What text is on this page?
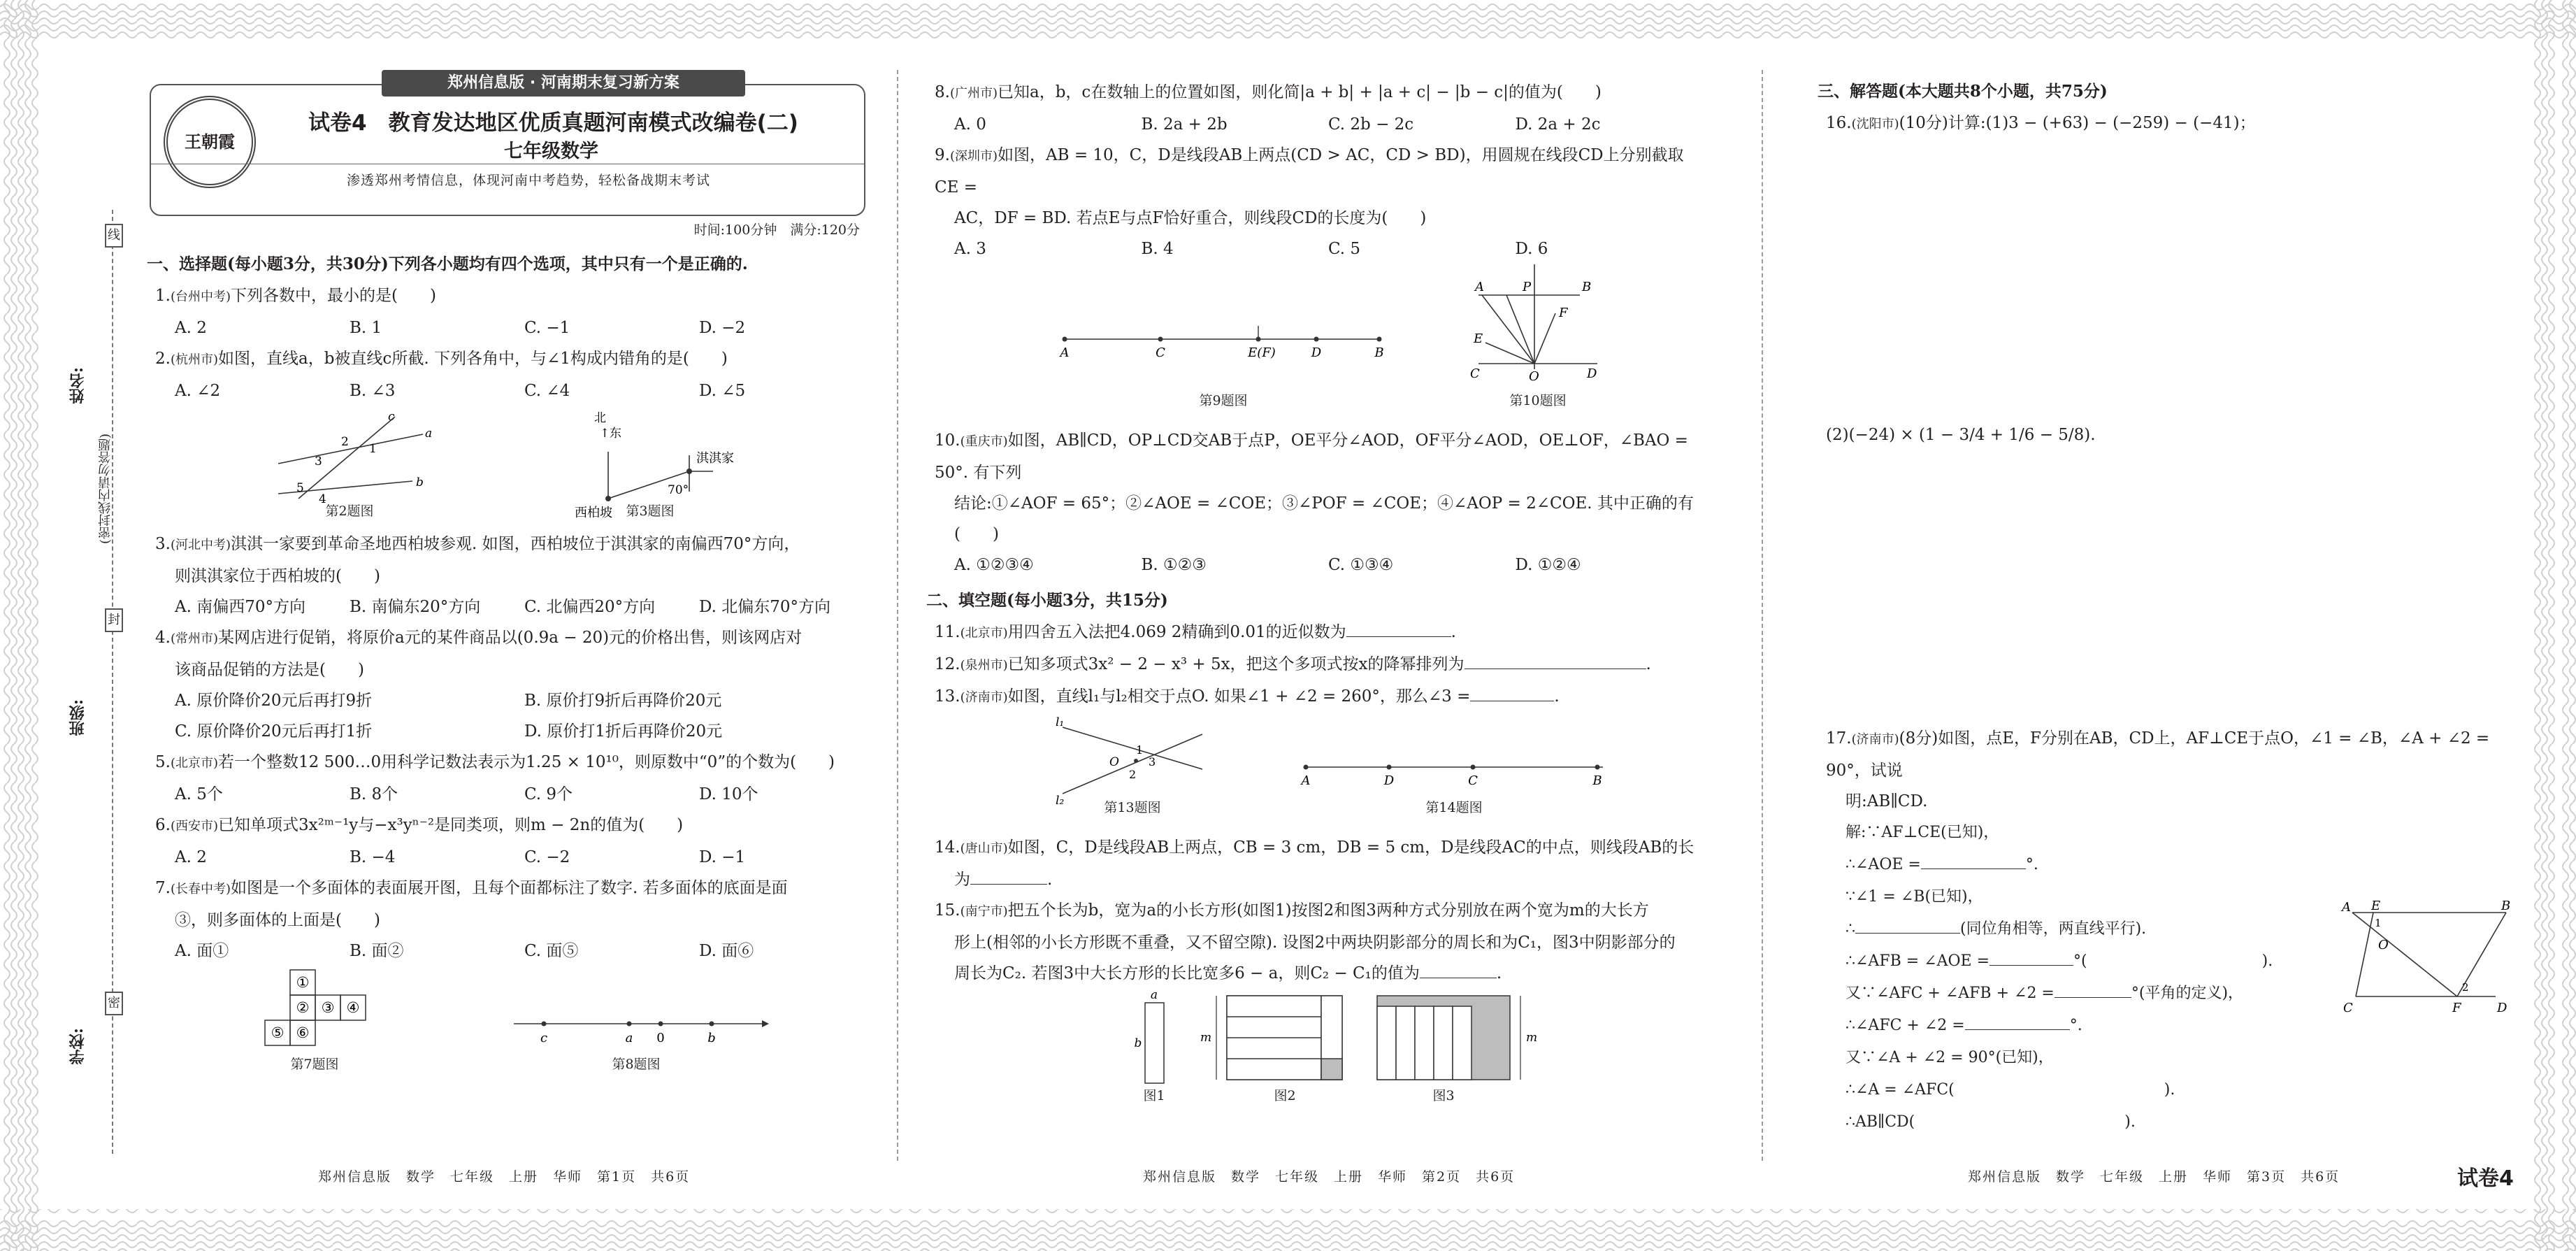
姓名:
班级:
学校:
(密封线内请勿答题)
线
封
密
郑州信息版 · 河南期末复习新方案
王朝霞
试卷4　教育发达地区优质真题河南模式改编卷(二)
七年级数学
渗透郑州考情信息，体现河南中考趋势，轻松备战期末考试
时间:100分钟　满分:120分
一、选择题(每小题3分，共30分)下列各小题均有四个选项，其中只有一个是正确的.

1.(台州中考)下列各数中，最小的是(　　)

A. 2	B. 1	C. −1	D. −2

2.(杭州市)如图，直线a，b被直线c所截. 下列各角中，与∠1构成内错角的是(　　)

A. ∠2	B. ∠3	C. ∠4	D. ∠5
c
a
b
2 1
3
5
4
北
↑ 东
淇淇家
西柏坡
70°
第2题图	第3题图

3.(河北中考)淇淇一家要到革命圣地西柏坡参观. 如图，西柏坡位于淇淇家的南偏西70°方向，

则淇淇家位于西柏坡的(　　)

A. 南偏西70°方向	B. 南偏东20°方向	C. 北偏西20°方向	D. 北偏东70°方向

4.(常州市)某网店进行促销，将原价a元的某件商品以(0.9a − 20)元的价格出售，则该网店对

该商品促销的方法是(　　)

A. 原价降价20元后再打9折	B. 原价打9折后再降价20元
C. 原价降价20元后再打1折	D. 原价打1折后再降价20元

5.(北京市)若一个整数12 500…0用科学记数法表示为1.25 × 10¹⁰，则原数中“0”的个数为(　　)

A. 5个	B. 8个	C. 9个	D. 10个

6.(西安市)已知单项式3x²ᵐ⁻¹y与−x³yⁿ⁻²是同类项，则m − 2n的值为(　　)

A. 2	B. −4	C. −2	D. −1

7.(长春中考)如图是一个多面体的表面展开图，且每个面都标注了数字. 若多面体的底面是面

③，则多面体的上面是(　　)

A. 面①	B. 面②	C. 面⑤	D. 面⑥
①
② ③ ④
⑤ ⑥	c	a 0	b
第7题图	第8题图
郑州信息版　数学　七年级　上册　华师　第1页　共6页

8.(广州市)已知a，b，c在数轴上的位置如图，则化简|a + b| + |a + c| − |b − c|的值为(　　)

A. 0	B. 2a + 2b	C. 2b − 2c	D. 2a + 2c

9.(深圳市)如图，AB = 10，C，D是线段AB上两点(CD > AC，CD > BD)，用圆规在线段CD上分别截取CE =

AC，DF = BD. 若点E与点F恰好重合，则线段CD的长度为(　　)

A. 3	B. 4	C. 5	D. 6
A	C	E(F)	D	B
A	P	B
F
E
C	O	D
第9题图	第10题图

10.(重庆市)如图，AB∥CD，OP⊥CD交AB于点P，OE平分∠AOD，OF平分∠AOD，OE⊥OF，∠BAO = 50°. 有下列

结论:①∠AOF = 65°；②∠AOE = ∠COE；③∠POF = ∠COE；④∠AOP = 2∠COE. 其中正确的有(　　)

A. ①②③④	B. ①②③	C. ①③④	D. ①②④
二、填空题(每小题3分，共15分)

11.(北京市)用四舍五入法把4.069 2精确到0.01的近似数为	.

12.(泉州市)已知多项式3x² − 2 − x³ + 5x，把这个多项式按x的降幂排列为	.

13.(济南市)如图，直线l₁与l₂相交于点O. 如果∠1 + ∠2 = 260°，那么∠3 =	.

l₁
l₂
O
1
2
3
A	D	C	B
第13题图	第14题图

14.(唐山市)如图，C，D是线段AB上两点，CB = 3 cm，DB = 5 cm，D是线段AC的中点，则线段AB的长

为	.

15.(南宁市)把五个长为b，宽为a的小长方形(如图1)按图2和图3两种方式分别放在两个宽为m的大长方

形上(相邻的小长方形既不重叠，又不留空隙). 设图2中两块阴影部分的周长和为C₁，图3中阴影部分的

周长为C₂. 若图3中大长方形的长比宽多6 − a，则C₂ − C₁的值为	.

a
b	m	m
图1	图2	图3
郑州信息版　数学　七年级　上册　华师　第2页　共6页
三、解答题(本大题共8个小题，共75分)

16.(沈阳市)(10分)计算:(1)3 − (+63) − (−259) − (−41)；

(2)(−24) × (1 − 3/4 + 1/6 − 5/8).

17.(济南市)(8分)如图，点E，F分别在AB，CD上，AF⊥CE于点O，∠1 = ∠B，∠A + ∠2 = 90°，试说

明:AB∥CD.

解:∵AF⊥CE(已知)，
∴∠AOE =	°.
∵∠1 = ∠B(已知)，
∴	(同位角相等，两直线平行).
∴∠AFB = ∠AOE =	°(	).
又∵∠AFC + ∠AFB + ∠2 =	°(平角的定义)，
∴∠AFC + ∠2 =	°.
又∵∠A + ∠2 = 90°(已知)，
∴∠A = ∠AFC(	).
∴AB∥CD(	).
A E	B
1
O
C	F	D
2
郑州信息版　数学　七年级　上册　华师　第3页　共6页	试卷4
